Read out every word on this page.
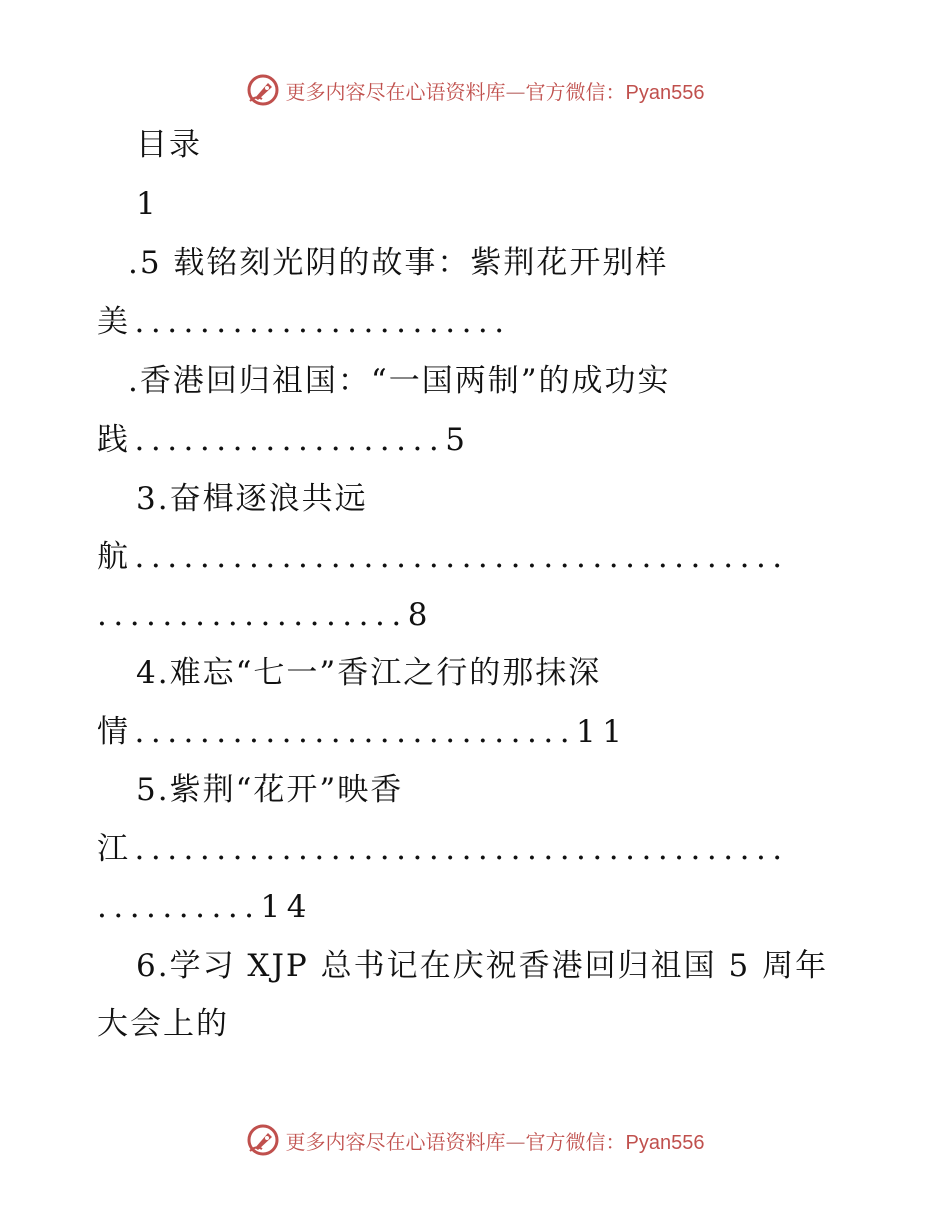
更多内容尽在心语资料库—官方微信：Pyan556
目录
1
.5 载铭刻光阴的故事：紫荆花开别样
美.......................
.香港回归祖国：“一国两制”的成功实
践...................5
3.奋楫逐浪共远
航........................................
...................8
4.难忘“七一”香江之行的那抹深
情...........................11
5.紫荆“花开”映香
江........................................
..........14
6.学习 XJP 总书记在庆祝香港回归祖国 5 周年
大会上的
更多内容尽在心语资料库—官方微信：Pyan556
